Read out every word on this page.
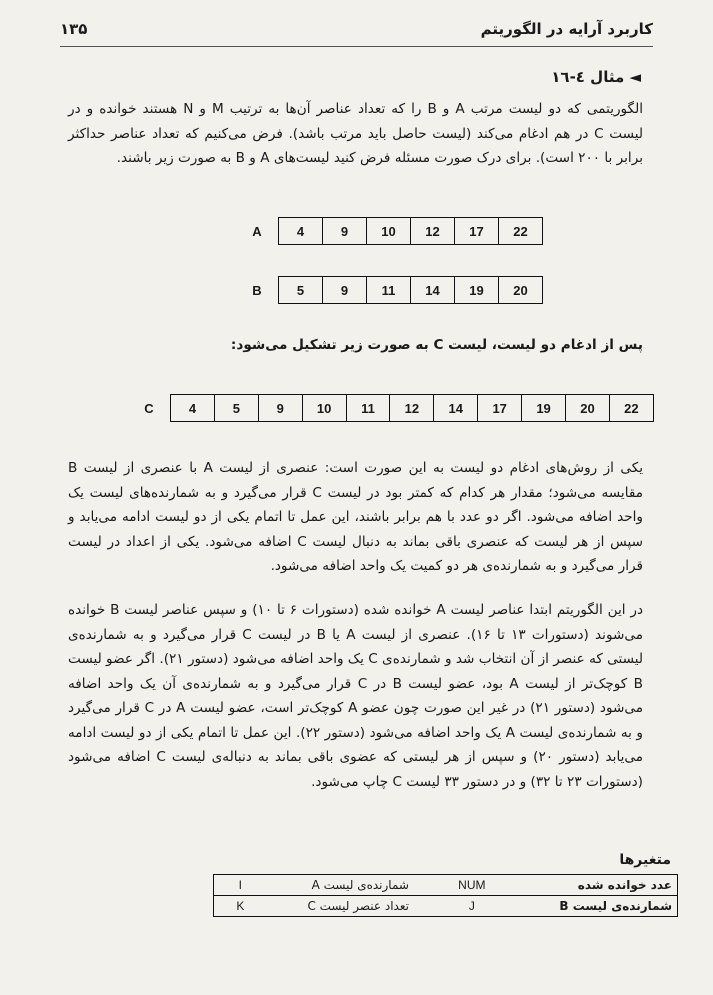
کاربرد آرایه در الگوریتم
۱۳۵
◄ مثال ٤-١٦
الگوریتمی که دو لیست مرتب A و B را که تعداد عناصر آن‌ها به ترتیب M و N هستند خوانده و در لیست C در هم ادغام می‌کند (لیست حاصل باید مرتب باشد). فرض می‌کنیم که تعداد عناصر حداکثر برابر با ۲۰۰ است). برای درک صورت مسئله فرض کنید لیست‌های A و B به صورت زیر باشند.
A	4	9	10	12	17	22
B	5	9	11	14	19	20
پس از ادغام دو لیست، لیست C به صورت زیر تشکیل می‌شود:
C	4	5	9	10	11	12	14	17	19	20	22
یکی از روش‌های ادغام دو لیست به این صورت است: عنصری از لیست A با عنصری از لیست B مقایسه می‌شود؛ مقدار هر کدام که کمتر بود در لیست C قرار می‌گیرد و به شمارنده‌های لیست یک واحد اضافه می‌شود. اگر دو عدد با هم برابر باشند، این عمل تا اتمام یکی از دو لیست ادامه می‌یابد و سپس از هر لیست که عنصری باقی بماند به دنبال لیست C اضافه می‌شود. یکی از اعداد در لیست قرار می‌گیرد و به شمارنده‌ی هر دو کمیت یک واحد اضافه می‌شود.
در این الگوریتم ابتدا عناصر لیست A خوانده شده (دستورات ۶ تا ۱۰) و سپس عناصر لیست B خوانده می‌شوند (دستورات ۱۳ تا ۱۶). عنصری از لیست A یا B در لیست C قرار می‌گیرد و به شمارنده‌ی لیستی که عنصر از آن انتخاب شد و شمارنده‌ی C یک واحد اضافه می‌شود (دستور ۲۱). اگر عضو لیست B کوچک‌تر از لیست A بود، عضو لیست B در C قرار می‌گیرد و به شمارنده‌ی آن یک واحد اضافه می‌شود (دستور ۲۱) در غیر این صورت چون عضو A کوچک‌تر است، عضو لیست A در C قرار می‌گیرد و به شمارنده‌ی لیست A یک واحد اضافه می‌شود (دستور ۲۲). این عمل تا اتمام یکی از دو لیست ادامه می‌یابد (دستور ۲۰) و سپس از هر لیستی که عضوی باقی بماند به دنباله‌ی لیست C اضافه می‌شود (دستورات ۲۳ تا ۳۲) و در دستور ۳۳ لیست C چاپ می‌شود.
متغیرها
عدد خوانده شده	NUM	شمارنده‌ی لیست A	I
شمارنده‌ی لیست B	J	تعداد عنصر لیست C	K
